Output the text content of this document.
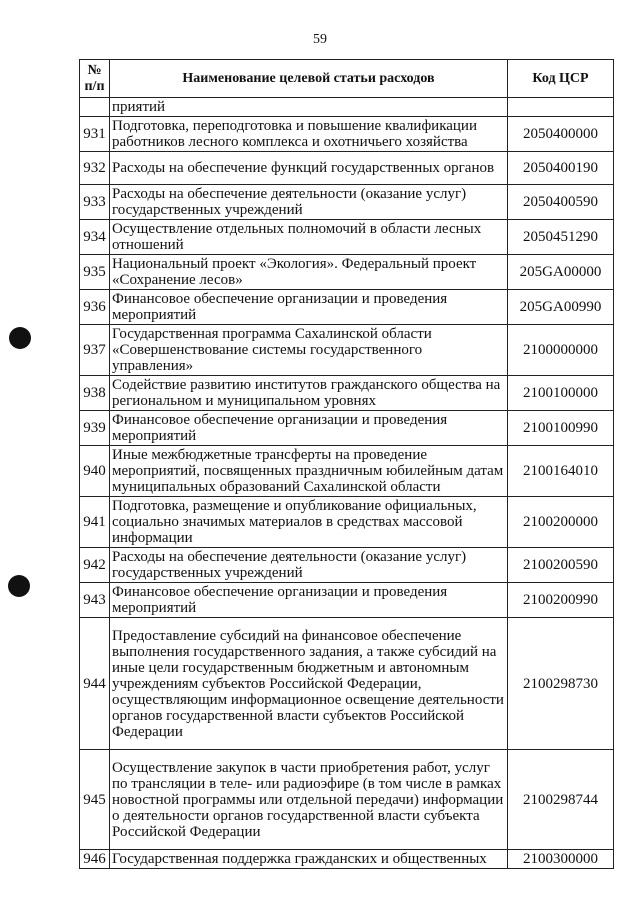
59
№
п/п	Наименование целевой статьи расходов	Код ЦСР
	приятий	
931	Подготовка, переподготовка и повышение квалификации работников лесного комплекса и охотничьего хозяйства	2050400000
932	Расходы на обеспечение функций государственных органов	2050400190
933	Расходы на обеспечение деятельности (оказание услуг) государственных учреждений	2050400590
934	Осуществление отдельных полномочий в области лесных отношений	2050451290
935	Национальный проект «Экология». Федеральный проект «Сохранение лесов»	205GA00000
936	Финансовое обеспечение организации и проведения мероприятий	205GA00990
937	Государственная программа Сахалинской области «Совершенствование системы государственного управления»	2100000000
938	Содействие развитию институтов гражданского общества на региональном и муниципальном уровнях	2100100000
939	Финансовое обеспечение организации и проведения мероприятий	2100100990
940	Иные межбюджетные трансферты на проведение мероприятий, посвященных праздничным юбилейным датам муниципальных образований Сахалинской области	2100164010
941	Подготовка, размещение и опубликование официальных, социально значимых материалов в средствах массовой информации	2100200000
942	Расходы на обеспечение деятельности (оказание услуг) государственных учреждений	2100200590
943	Финансовое обеспечение организации и проведения мероприятий	2100200990
944	Предоставление субсидий на финансовое обеспечение выполнения государственного задания, а также субсидий на иные цели государственным бюджетным и автономным учреждениям субъектов Российской Федерации, осуществляющим информационное освещение деятельности органов государственной власти субъектов Российской Федерации	2100298730
945	Осуществление закупок в части приобретения работ, услуг по трансляции в теле- или радиоэфире (в том числе в рамках новостной программы или отдельной передачи) информации о деятельности органов государственной власти субъекта Российской Федерации	2100298744
946	Государственная поддержка гражданских и общественных	2100300000
